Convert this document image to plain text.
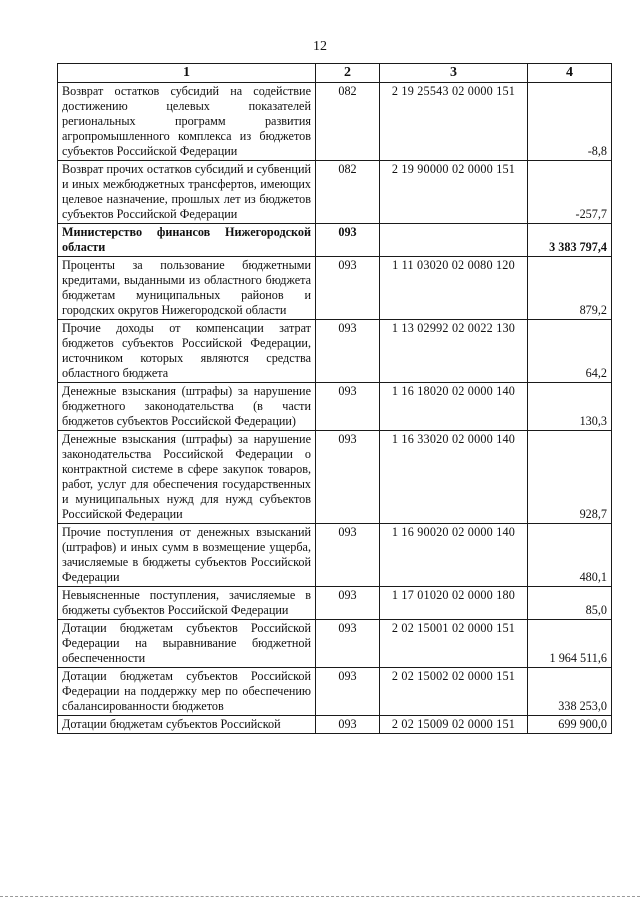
12
1	2	3	4
Возврат остатков субсидий на содействие достижению целевых показателей региональных программ развития агропромышленного комплекса из бюджетов субъектов Российской Федерации	082	2 19 25543 02 0000 151	-8,8
Возврат прочих остатков субсидий и субвенций и иных межбюджетных трансфертов, имеющих целевое назначение, прошлых лет из бюджетов субъектов Российской Федерации	082	2 19 90000 02 0000 151	-257,7
Министерство финансов Нижегородской области	093		3 383 797,4
Проценты за пользование бюджетными кредитами, выданными из областного бюджета бюджетам муниципальных районов и городских округов Нижегородской области	093	1 11 03020 02 0080 120	879,2
Прочие доходы от компенсации затрат бюджетов субъектов Российской Федерации, источником которых являются средства областного бюджета	093	1 13 02992 02 0022 130	64,2
Денежные взыскания (штрафы) за нарушение бюджетного законодательства (в части бюджетов субъектов Российской Федерации)	093	1 16 18020 02 0000 140	130,3
Денежные взыскания (штрафы) за нарушение законодательства Российской Федерации о контрактной системе в сфере закупок товаров, работ, услуг для обеспечения государственных и муниципальных нужд для нужд субъектов Российской Федерации	093	1 16 33020 02 0000 140	928,7
Прочие поступления от денежных взысканий (штрафов) и иных сумм в возмещение ущерба, зачисляемые в бюджеты субъектов Российской Федерации	093	1 16 90020 02 0000 140	480,1
Невыясненные поступления, зачисляемые в бюджеты субъектов Российской Федерации	093	1 17 01020 02 0000 180	85,0
Дотации бюджетам субъектов Российской Федерации на выравнивание бюджетной обеспеченности	093	2 02 15001 02 0000 151	1 964 511,6
Дотации бюджетам субъектов Российской Федерации на поддержку мер по обеспечению сбалансированности бюджетов	093	2 02 15002 02 0000 151	338 253,0
Дотации бюджетам субъектов Российской	093	2 02 15009 02 0000 151	699 900,0
